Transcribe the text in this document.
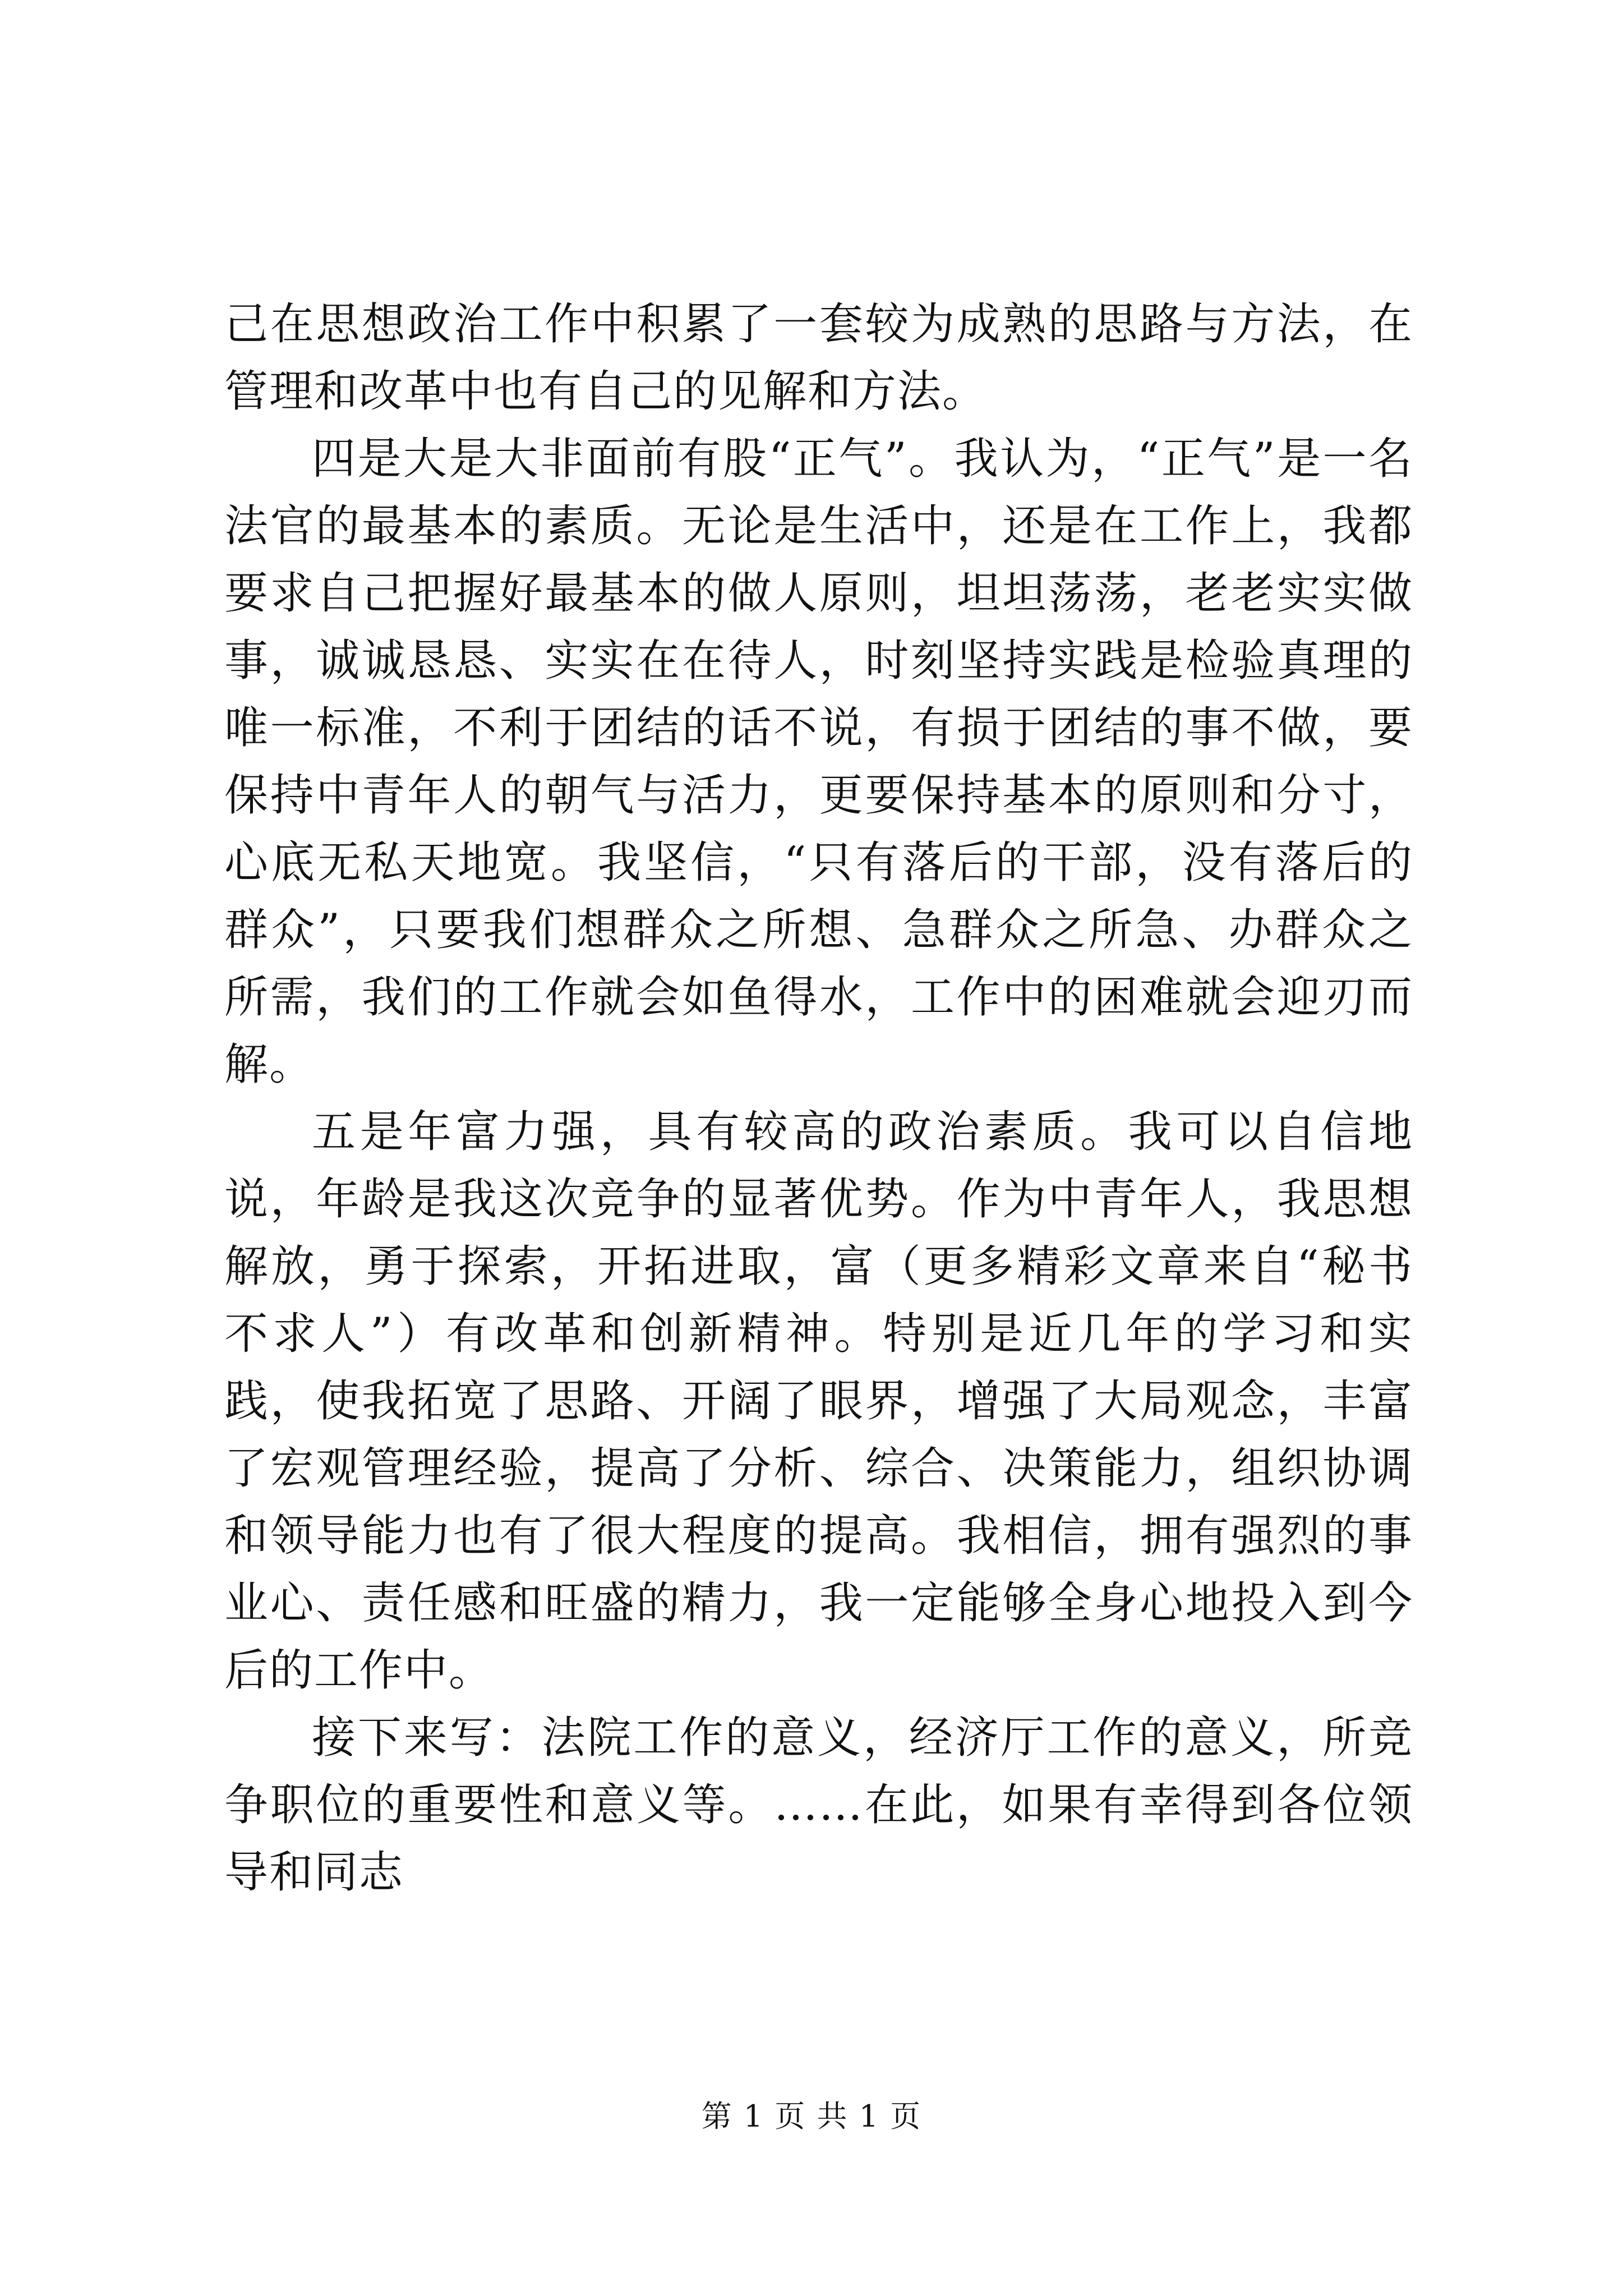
己在思想政治工作中积累了一套较为成熟的思路与方法，在管理和改革中也有自己的见解和方法。

四是大是大非面前有股“正气”。我认为，“正气”是一名法官的最基本的素质。无论是生活中，还是在工作上，我都要求自己把握好最基本的做人原则，坦坦荡荡，老老实实做事，诚诚恳恳、实实在在待人，时刻坚持实践是检验真理的唯一标准，不利于团结的话不说，有损于团结的事不做，要保持中青年人的朝气与活力，更要保持基本的原则和分寸，心底无私天地宽。我坚信，“只有落后的干部，没有落后的群众”，只要我们想群众之所想、急群众之所急、办群众之所需，我们的工作就会如鱼得水，工作中的困难就会迎刃而解。

五是年富力强，具有较高的政治素质。我可以自信地说，年龄是我这次竞争的显著优势。作为中青年人，我思想解放，勇于探索，开拓进取，富（更多精彩文章来自“秘书不求人”）有改革和创新精神。特别是近几年的学习和实践，使我拓宽了思路、开阔了眼界，增强了大局观念，丰富了宏观管理经验，提高了分析、综合、决策能力，组织协调和领导能力也有了很大程度的提高。我相信，拥有强烈的事业心、责任感和旺盛的精力，我一定能够全身心地投入到今后的工作中。

接下来写：法院工作的意义，经济厅工作的意义，所竞争职位的重要性和意义等。……在此，如果有幸得到各位领导和同志

第 1 页 共 1 页
